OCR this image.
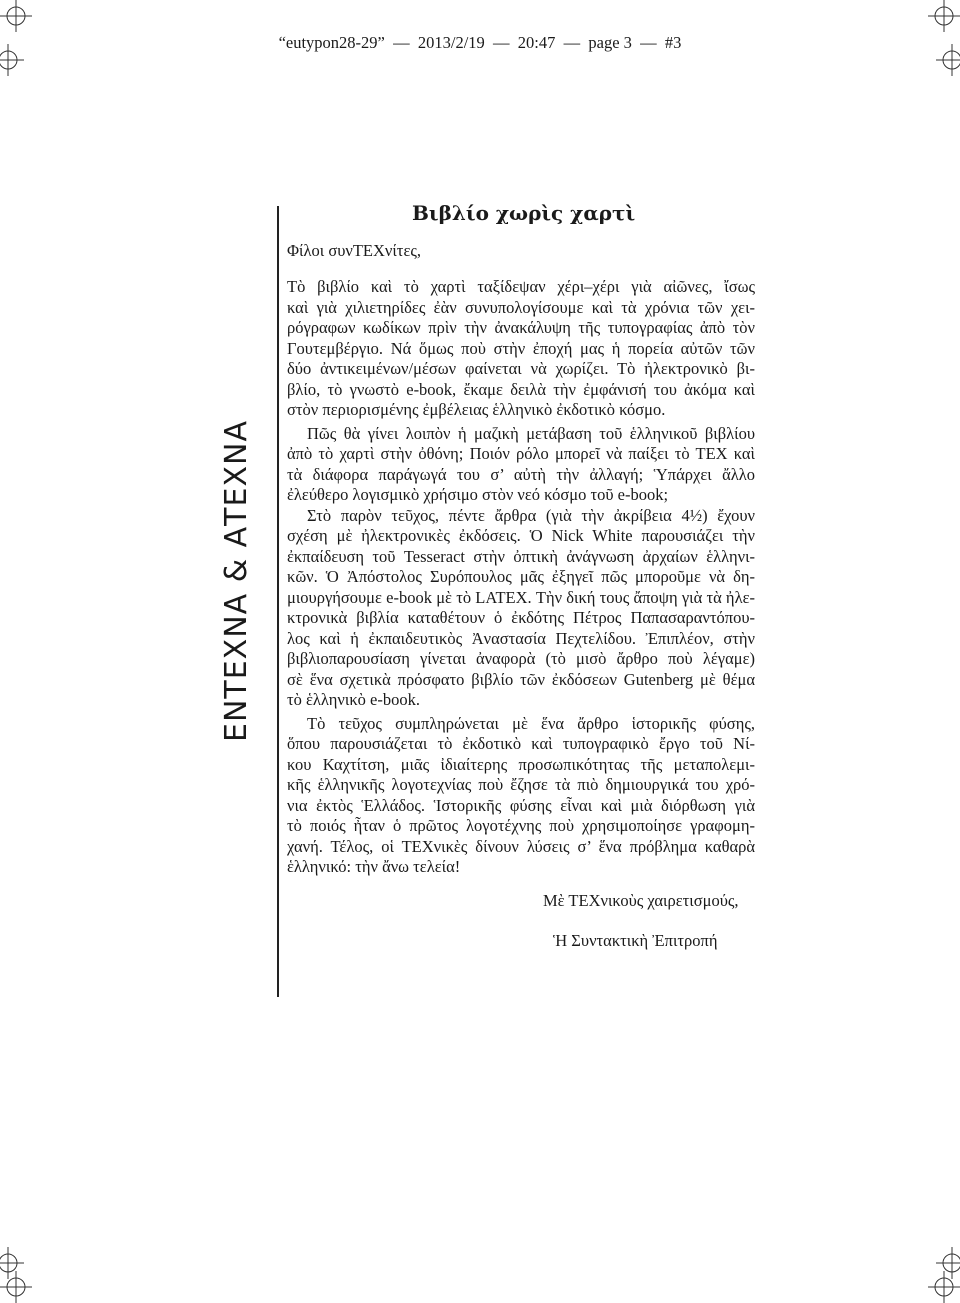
“eutypon28-29”  —  2013/2/19  —  20:47  —  page 3  —  #3
ΕΝΤΕΧΝΑ & ΑΤΕΧΝΑ
Βιβλίο χωρὶς χαρτὶ
Φίλοι συνΤΕΧνίτες,
Τὸ βιβλίο καὶ τὸ χαρτὶ ταξίδεψαν χέρι–χέρι γιὰ αἰῶνες, ἴσως
καὶ γιὰ χιλιετηρίδες ἐὰν συνυπολογίσουμε καὶ τὰ χρόνια τῶν χει-
ρόγραφων κωδίκων πρὶν τὴν ἀνακάλυψη τῆς τυπογραφίας ἀπὸ τὸν
Γουτεμβέργιο. Νά ὅμως ποὺ στὴν ἐποχή μας ἡ πορεία αὐτῶν τῶν
δύο ἀντικειμένων/μέσων φαίνεται νὰ χωρίζει. Τὸ ἠλεκτρονικὸ βι-
βλίο, τὸ γνωστὸ e-book, ἔκαμε δειλὰ τὴν ἐμφάνισή του ἀκόμα καὶ
στὸν περιορισμένης ἐμβέλειας ἑλληνικὸ ἐκδοτικὸ κόσμο.
Πῶς θὰ γίνει λοιπὸν ἡ μαζικὴ μετάβαση τοῦ ἑλληνικοῦ βιβλίου
ἀπὸ τὸ χαρτὶ στὴν ὀθόνη; Ποιόν ρόλο μπορεῖ νὰ παίξει τὸ ΤΕΧ καὶ
τὰ διάφορα παράγωγά του σ’ αὐτὴ τὴν ἀλλαγή; Ὑπάρχει ἄλλο
ἐλεύθερο λογισμικὸ χρήσιμο στὸν νεό κόσμο τοῦ e-book;
Στὸ παρὸν τεῦχος, πέντε ἄρθρα (γιὰ τὴν ἀκρίβεια 4½) ἔχουν
σχέση μὲ ἠλεκτρονικὲς ἐκδόσεις. Ὁ Nick White παρουσιάζει τὴν
ἐκπαίδευση τοῦ Tesseract στὴν ὀπτικὴ ἀνάγνωση ἀρχαίων ἑλληνι-
κῶν. Ὁ Ἀπόστολος Συρόπουλος μᾶς ἐξηγεῖ πῶς μποροῦμε νὰ δη-
μιουργήσουμε e-book μὲ τὸ LATEX. Τὴν δική τους ἄποψη γιὰ τὰ ἠλε-
κτρονικὰ βιβλία καταθέτουν ὁ ἐκδότης Πέτρος Παπασαραντόπου-
λος καὶ ἡ ἐκπαιδευτικὸς Ἀναστασία Πεχτελίδου. Ἐπιπλέον, στὴν
βιβλιοπαρουσίαση γίνεται ἀναφορὰ (τὸ μισὸ ἄρθρο ποὺ λέγαμε)
σὲ ἕνα σχετικὰ πρόσφατο βιβλίο τῶν ἐκδόσεων Gutenberg μὲ θέμα
τὸ ἑλληνικὸ e-book.
Τὸ τεῦχος συμπληρώνεται μὲ ἕνα ἄρθρο ἱστορικῆς φύσης,
ὅπου παρουσιάζεται τὸ ἐκδοτικὸ καὶ τυπογραφικὸ ἔργο τοῦ Νί-
κου Καχτίτση, μιᾶς ἰδιαίτερης προσωπικότητας τῆς μεταπολεμι-
κῆς ἑλληνικῆς λογοτεχνίας ποὺ ἔζησε τὰ πιὸ δημιουργικά του χρό-
νια ἐκτὸς Ἑλλάδος. Ἱστορικῆς φύσης εἶναι καὶ μιὰ διόρθωση γιὰ
τὸ ποιός ἦταν ὁ πρῶτος λογοτέχνης ποὺ χρησιμοποίησε γραφομη-
χανή. Τέλος, οἱ ΤΕΧνικὲς δίνουν λύσεις σ’ ἕνα πρόβλημα καθαρὰ
ἑλληνικό: τὴν ἄνω τελεία!
Μὲ ΤΕΧνικοὺς χαιρετισμούς,
Ἡ Συντακτικὴ Ἐπιτροπή
